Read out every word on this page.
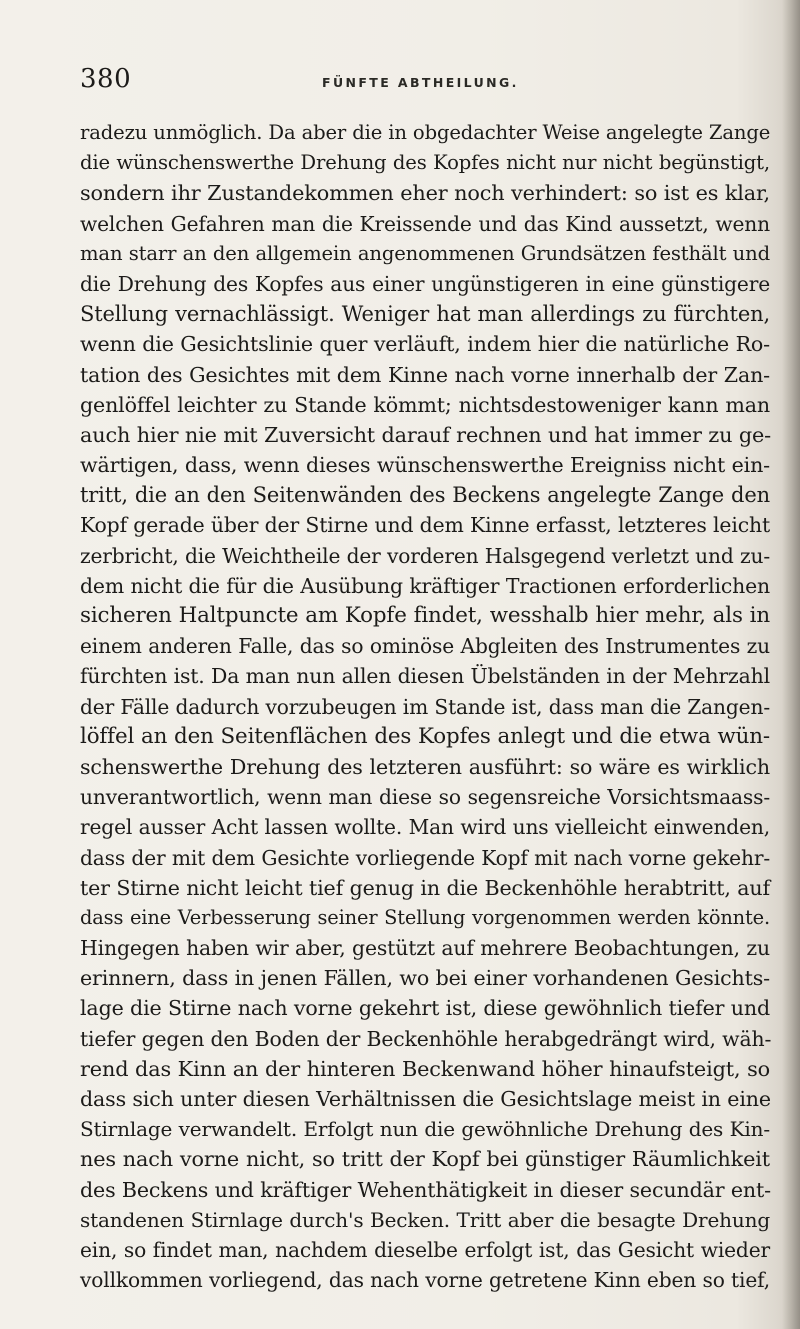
380	FÜNFTE ABTHEILUNG.
radezu unmöglich. Da aber die in obgedachter Weise angelegte Zange
die wünschenswerthe Drehung des Kopfes nicht nur nicht begünstigt,
sondern ihr Zustandekommen eher noch verhindert: so ist es klar,
welchen Gefahren man die Kreissende und das Kind aussetzt, wenn
man starr an den allgemein angenommenen Grundsätzen festhält und
die Drehung des Kopfes aus einer ungünstigeren in eine günstigere
Stellung vernachlässigt. Weniger hat man allerdings zu fürchten,
wenn die Gesichtslinie quer verläuft, indem hier die natürliche Ro-
tation des Gesichtes mit dem Kinne nach vorne innerhalb der Zan-
genlöffel leichter zu Stande kömmt; nichtsdestoweniger kann man
auch hier nie mit Zuversicht darauf rechnen und hat immer zu ge-
wärtigen, dass, wenn dieses wünschenswerthe Ereigniss nicht ein-
tritt, die an den Seitenwänden des Beckens angelegte Zange den
Kopf gerade über der Stirne und dem Kinne erfasst, letzteres leicht
zerbricht, die Weichtheile der vorderen Halsgegend verletzt und zu-
dem nicht die für die Ausübung kräftiger Tractionen erforderlichen
sicheren Haltpuncte am Kopfe findet, wesshalb hier mehr, als in
einem anderen Falle, das so ominöse Abgleiten des Instrumentes zu
fürchten ist. Da man nun allen diesen Übelständen in der Mehrzahl
der Fälle dadurch vorzubeugen im Stande ist, dass man die Zangen-
löffel an den Seitenflächen des Kopfes anlegt und die etwa wün-
schenswerthe Drehung des letzteren ausführt: so wäre es wirklich
unverantwortlich, wenn man diese so segensreiche Vorsichtsmaass-
regel ausser Acht lassen wollte. Man wird uns vielleicht einwenden,
dass der mit dem Gesichte vorliegende Kopf mit nach vorne gekehr-
ter Stirne nicht leicht tief genug in die Beckenhöhle herabtritt, auf
dass eine Verbesserung seiner Stellung vorgenommen werden könnte.
Hingegen haben wir aber, gestützt auf mehrere Beobachtungen, zu
erinnern, dass in jenen Fällen, wo bei einer vorhandenen Gesichts-
lage die Stirne nach vorne gekehrt ist, diese gewöhnlich tiefer und
tiefer gegen den Boden der Beckenhöhle herabgedrängt wird, wäh-
rend das Kinn an der hinteren Beckenwand höher hinaufsteigt, so
dass sich unter diesen Verhältnissen die Gesichtslage meist in eine
Stirnlage verwandelt. Erfolgt nun die gewöhnliche Drehung des Kin-
nes nach vorne nicht, so tritt der Kopf bei günstiger Räumlichkeit
des Beckens und kräftiger Wehenthätigkeit in dieser secundär ent-
standenen Stirnlage durch's Becken. Tritt aber die besagte Drehung
ein, so findet man, nachdem dieselbe erfolgt ist, das Gesicht wieder
vollkommen vorliegend, das nach vorne getretene Kinn eben so tief,
